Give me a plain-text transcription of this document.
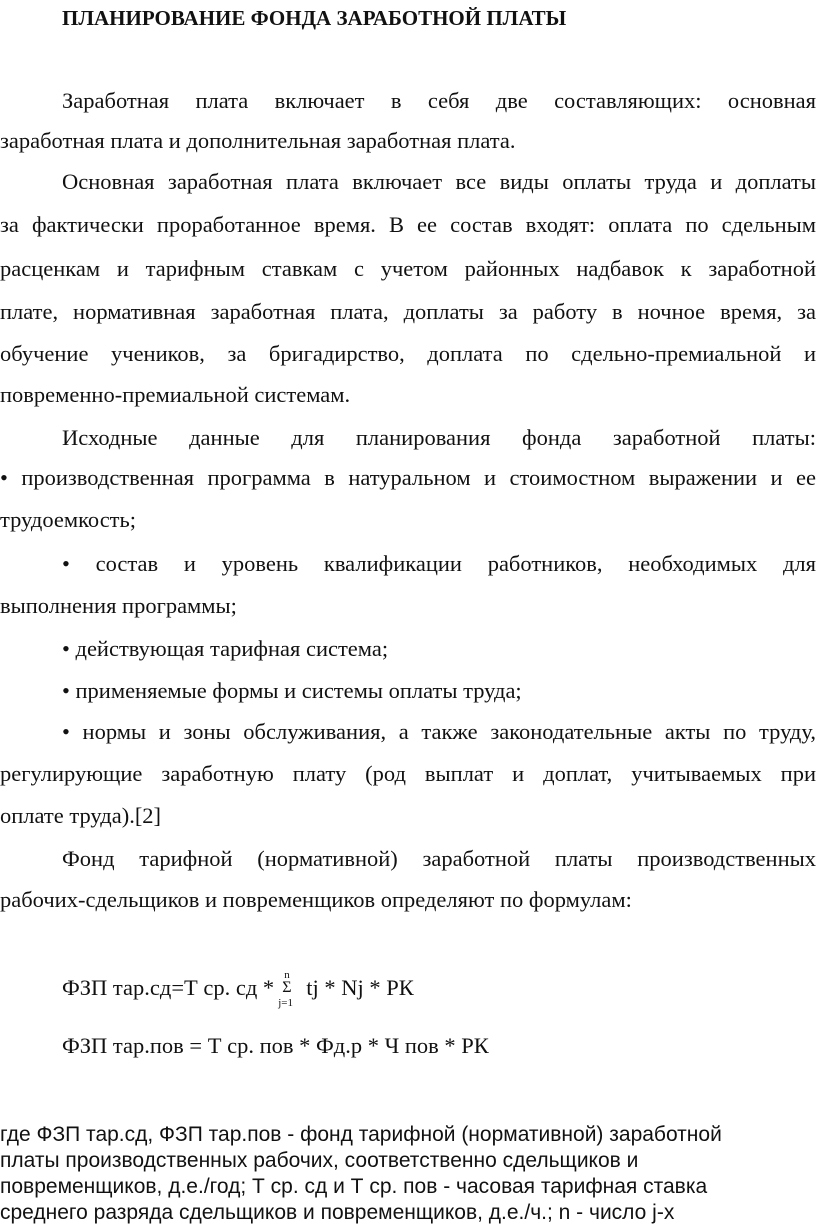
ПЛАНИРОВАНИЕ ФОНДА ЗАРАБОТНОЙ ПЛАТЫ
Заработная плата включает в себя две составляющих: основная
заработная плата и дополнительная заработная плата.
Основная заработная плата включает все виды оплаты труда и доплаты
за фактически проработанное время. В ее состав входят: оплата по сдельным
расценкам и тарифным ставкам с учетом районных надбавок к заработной
плате, нормативная заработная плата, доплаты за работу в ночное время, за
обучение учеников, за бригадирство, доплата по сдельно-премиальной и
повременно-премиальной системам.
Исходные данные для планирования фонда заработной платы:
• производственная программа в натуральном и стоимостном выражении и ее
трудоемкость;
• состав и уровень квалификации работников, необходимых для
выполнения программы;
• действующая тарифная система;
• применяемые формы и системы оплаты труда;
• нормы и зоны обслуживания, а также законодательные акты по труду,
регулирующие заработную плату (род выплат и доплат, учитываемых при
оплате труда).[2]
Фонд тарифной (нормативной) заработной платы производственных
рабочих-сдельщиков и повременщиков определяют по формулам:
ФЗП тар.сд=Т ср. сд *
n
Σ
j=1
tj * Nj * РК
ФЗП тар.пов = Т ср. пов * Фд.р * Ч пов * РК
где ФЗП тар.сд, ФЗП тар.пов - фонд тарифной (нормативной) заработной
платы производственных рабочих, соответственно сдельщиков и
повременщиков, д.е./год; Т ср. сд и Т ср. пов - часовая тарифная ставка
среднего разряда сдельщиков и повременщиков, д.е./ч.; n - число j-х
